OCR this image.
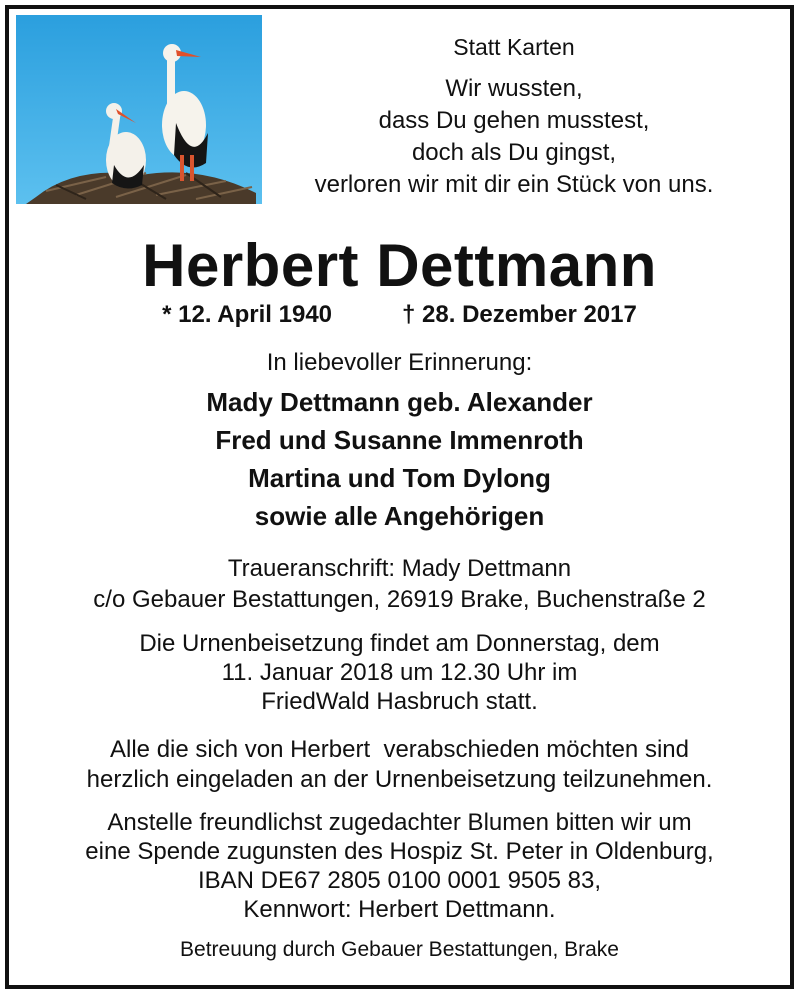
Statt Karten
Wir wussten,
dass Du gehen musstest,
doch als Du gingst,
verloren wir mit dir ein Stück von uns.
Herbert Dettmann
* 12. April 1940	† 28. Dezember 2017
In liebevoller Erinnerung:
Mady Dettmann geb. Alexander
Fred und Susanne Immenroth
Martina und Tom Dylong
sowie alle Angehörigen
Traueranschrift: Mady Dettmann
c/o Gebauer Bestattungen, 26919 Brake, Buchenstraße 2
Die Urnenbeisetzung findet am Donnerstag, dem
11. Januar 2018 um 12.30 Uhr im
FriedWald Hasbruch statt.
Alle die sich von Herbert  verabschieden möchten sind
herzlich eingeladen an der Urnenbeisetzung teilzunehmen.
Anstelle freundlichst zugedachter Blumen bitten wir um
eine Spende zugunsten des Hospiz St. Peter in Oldenburg,
IBAN DE67 2805 0100 0001 9505 83,
Kennwort: Herbert Dettmann.
Betreuung durch Gebauer Bestattungen, Brake
